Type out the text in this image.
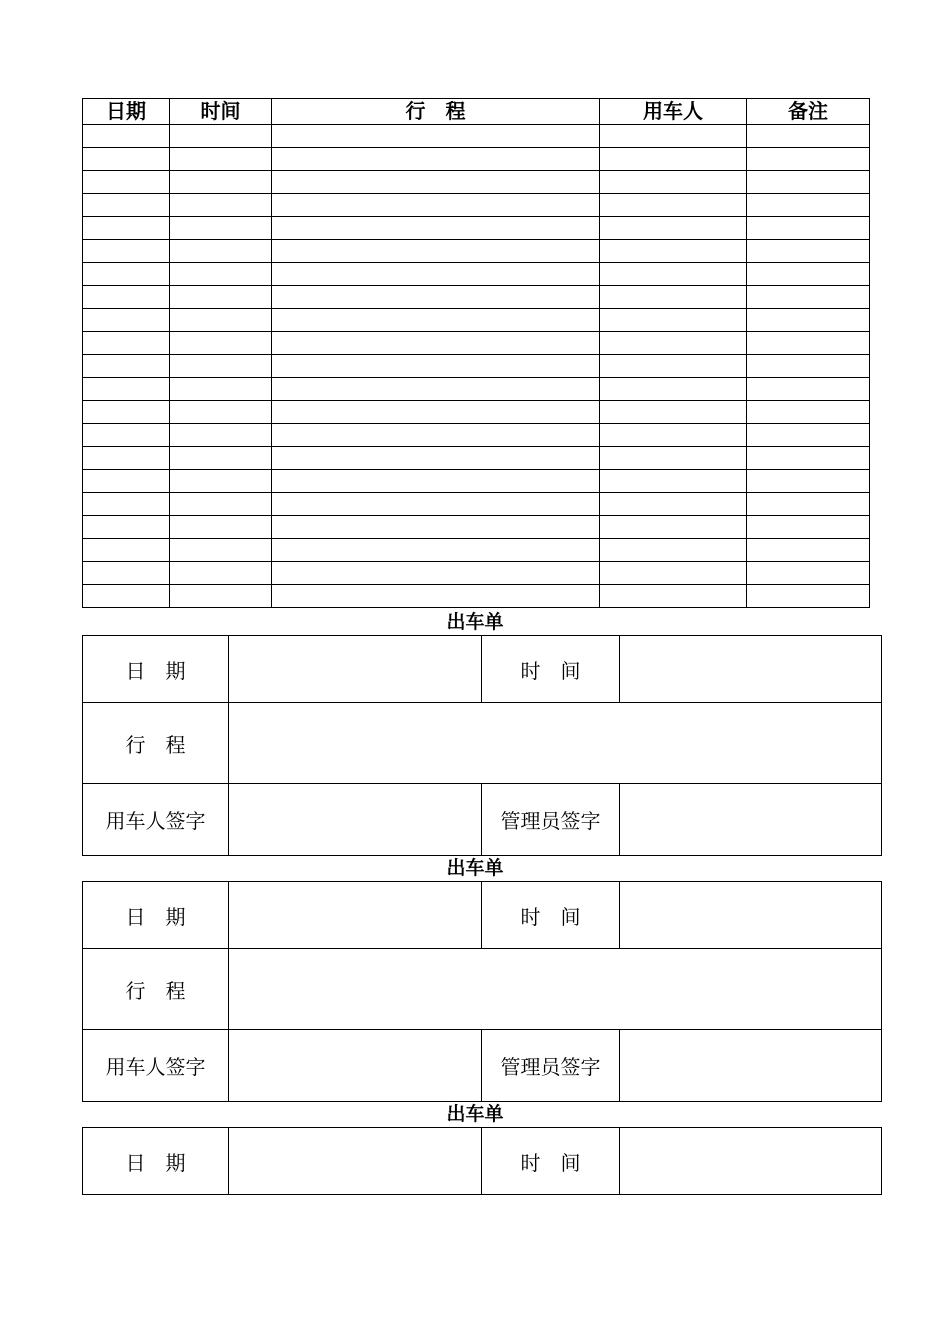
日期	时间	行　程	用车人	备注

出车单
日　期		时　间	
行　程			
用车人签字		管理员签字	
出车单
日　期		时　间	
行　程			
用车人签字		管理员签字	
出车单
日　期		时　间	
